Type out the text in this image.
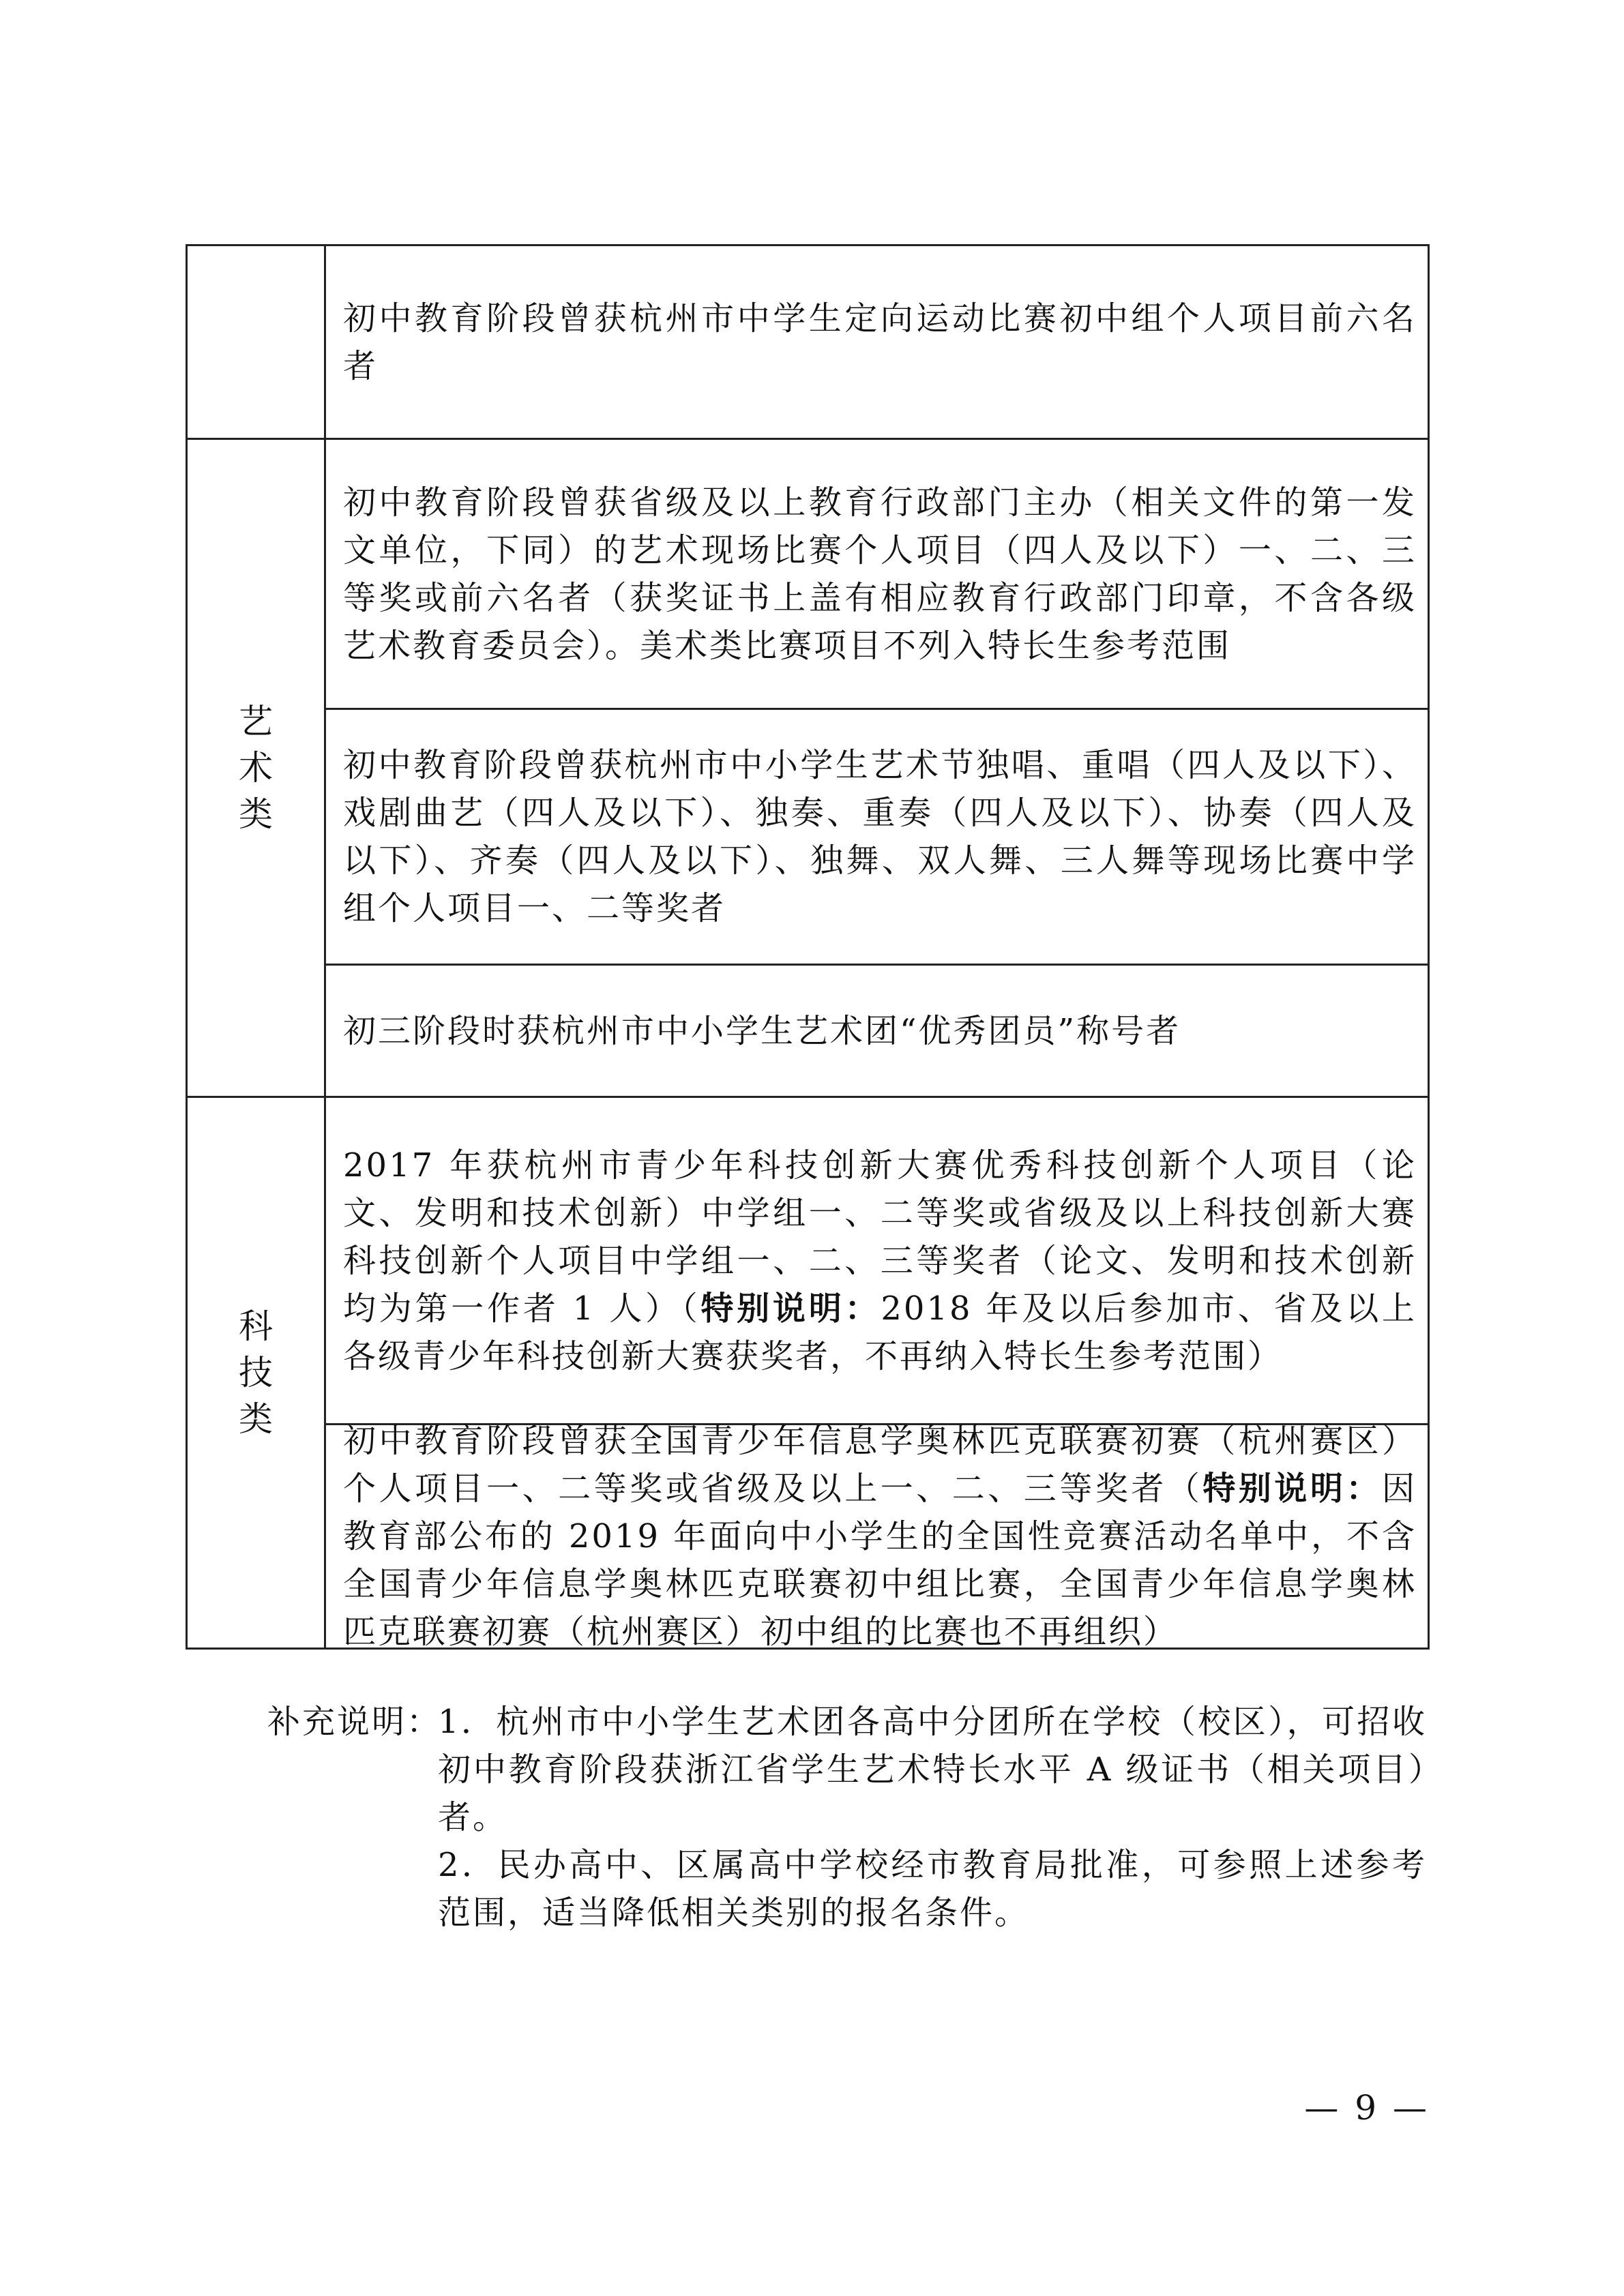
艺术类
科技类
初中教育阶段曾获杭州市中学生定向运动比赛初中组个人项目前六名者
初中教育阶段曾获省级及以上教育行政部门主办（相关文件的第一发文单位，下同）的艺术现场比赛个人项目（四人及以下）一、二、三等奖或前六名者（获奖证书上盖有相应教育行政部门印章，不含各级艺术教育委员会）。美术类比赛项目不列入特长生参考范围
初中教育阶段曾获杭州市中小学生艺术节独唱、重唱（四人及以下）、戏剧曲艺（四人及以下）、独奏、重奏（四人及以下）、协奏（四人及以下）、齐奏（四人及以下）、独舞、双人舞、三人舞等现场比赛中学组个人项目一、二等奖者
初三阶段时获杭州市中小学生艺术团“优秀团员”称号者
2017 年获杭州市青少年科技创新大赛优秀科技创新个人项目（论文、发明和技术创新）中学组一、二等奖或省级及以上科技创新大赛科技创新个人项目中学组一、二、三等奖者（论文、发明和技术创新均为第一作者 1 人）（特别说明：2018 年及以后参加市、省及以上各级青少年科技创新大赛获奖者，不再纳入特长生参考范围）
初中教育阶段曾获全国青少年信息学奥林匹克联赛初赛（杭州赛区）个人项目一、二等奖或省级及以上一、二、三等奖者（特别说明：因教育部公布的 2019 年面向中小学生的全国性竞赛活动名单中，不含全国青少年信息学奥林匹克联赛初中组比赛，全国青少年信息学奥林匹克联赛初赛（杭州赛区）初中组的比赛也不再组织）
补充说明：
1．杭州市中小学生艺术团各高中分团所在学校（校区），可招收初中教育阶段获浙江省学生艺术特长水平 A 级证书（相关项目）者。
2．民办高中、区属高中学校经市教育局批准，可参照上述参考范围，适当降低相关类别的报名条件。
— 9 —
